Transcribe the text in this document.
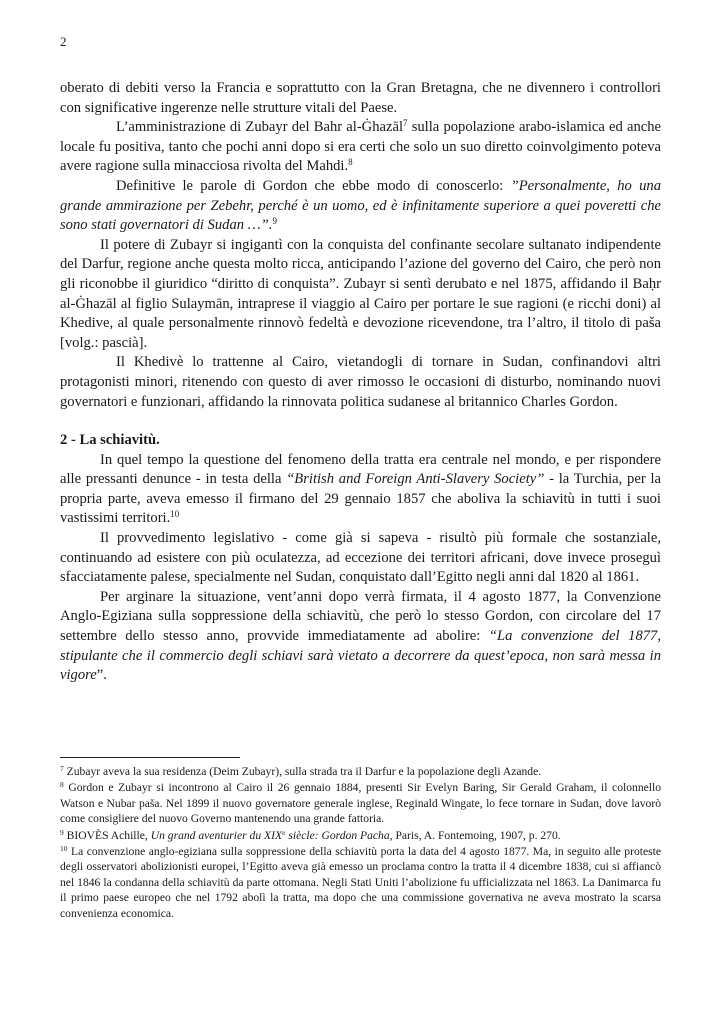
2

oberato di debiti verso la Francia e soprattutto con la Gran Bretagna, che ne divennero i controllori con significative ingerenze nelle strutture vitali del Paese.

L’amministrazione di Zubayr del Bahr al-Ġhazāl$^7$ sulla popolazione arabo-islamica ed anche locale fu positiva, tanto che pochi anni dopo si era certi che solo un suo diretto coinvolgimento poteva avere ragione sulla minacciosa rivolta del Mahdi.$^8$

Definitive le parole di Gordon che ebbe modo di conoscerlo: ”Personalmente, ho una grande ammirazione per Zebehr, perché è un uomo, ed è infinitamente superiore a quei poveretti che sono stati governatori di Sudan …”.$^9$

Il potere di Zubayr si ingigantì con la conquista del confinante secolare sultanato indipendente del Darfur, regione anche questa molto ricca, anticipando l’azione del governo del Cairo, che però non gli riconobbe il giuridico “diritto di conquista”. Zubayr si sentì derubato e nel 1875, affidando il Baḥr al-Ġhazāl al figlio Sulaymān, intraprese il viaggio al Cairo per portare le sue ragioni (e ricchi doni) al Khedive, al quale personalmente rinnovò fedeltà e devozione ricevendone, tra l’altro, il titolo di paša [volg.: pascià].

Il Khedivè lo trattenne al Cairo, vietandogli di tornare in Sudan, confinandovi altri protagonisti minori, ritenendo con questo di aver rimosso le occasioni di disturbo, nominando nuovi governatori e funzionari, affidando la rinnovata politica sudanese al britannico Charles Gordon.

2 - La schiavitù.

In quel tempo la questione del fenomeno della tratta era centrale nel mondo, e per rispondere alle pressanti denunce - in testa della “British and Foreign Anti-Slavery Society” - la Turchia, per la propria parte, aveva emesso il firmano del 29 gennaio 1857 che aboliva la schiavitù in tutti i suoi vastissimi territori.$^{10}$

Il provvedimento legislativo - come già si sapeva - risultò più formale che sostanziale, continuando ad esistere con più oculatezza, ad eccezione dei territori africani, dove invece proseguì sfacciatamente palese, specialmente nel Sudan, conquistato dall’Egitto negli anni dal 1820 al 1861.

Per arginare la situazione, vent’anni dopo verrà firmata, il 4 agosto 1877, la Convenzione Anglo-Egiziana sulla soppressione della schiavitù, che però lo stesso Gordon, con circolare del 17 settembre dello stesso anno, provvide immediatamente ad abolire: “La convenzione del 1877, stipulante che il commercio degli schiavi sarà vietato a decorrere da quest’epoca, non sarà messa in vigore”.

$^7$ Zubayr aveva la sua residenza (Deim Zubayr), sulla strada tra il Darfur e la popolazione degli Azande.

$^8$ Gordon e Zubayr si incontrono al Cairo il 26 gennaio 1884, presenti Sir Evelyn Baring, Sir Gerald Graham, il colonnello Watson e Nubar paša. Nel 1899 il nuovo governatore generale inglese, Reginald Wingate, lo fece tornare in Sudan, dove lavorò come consigliere del nuovo Governo mantenendo una grande fattoria.

$^9$ BIOVÈS Achille, Un grand aventurier du XIXe siècle: Gordon Pacha, Paris, A. Fontemoing, 1907, p. 270.

$^{10}$ La convenzione anglo-egiziana sulla soppressione della schiavitù porta la data del 4 agosto 1877. Ma, in seguito alle proteste degli osservatori abolizionisti europei, l’Egitto aveva già emesso un proclama contro la tratta il 4 dicembre 1838, cui si affiancò nel 1846 la condanna della schiavitù da parte ottomana. Negli Stati Uniti l’abolizione fu ufficializzata nel 1863. La Danimarca fu il primo paese europeo che nel 1792 abolì la tratta, ma dopo che una commissione governativa ne aveva mostrato la scarsa convenienza economica.
